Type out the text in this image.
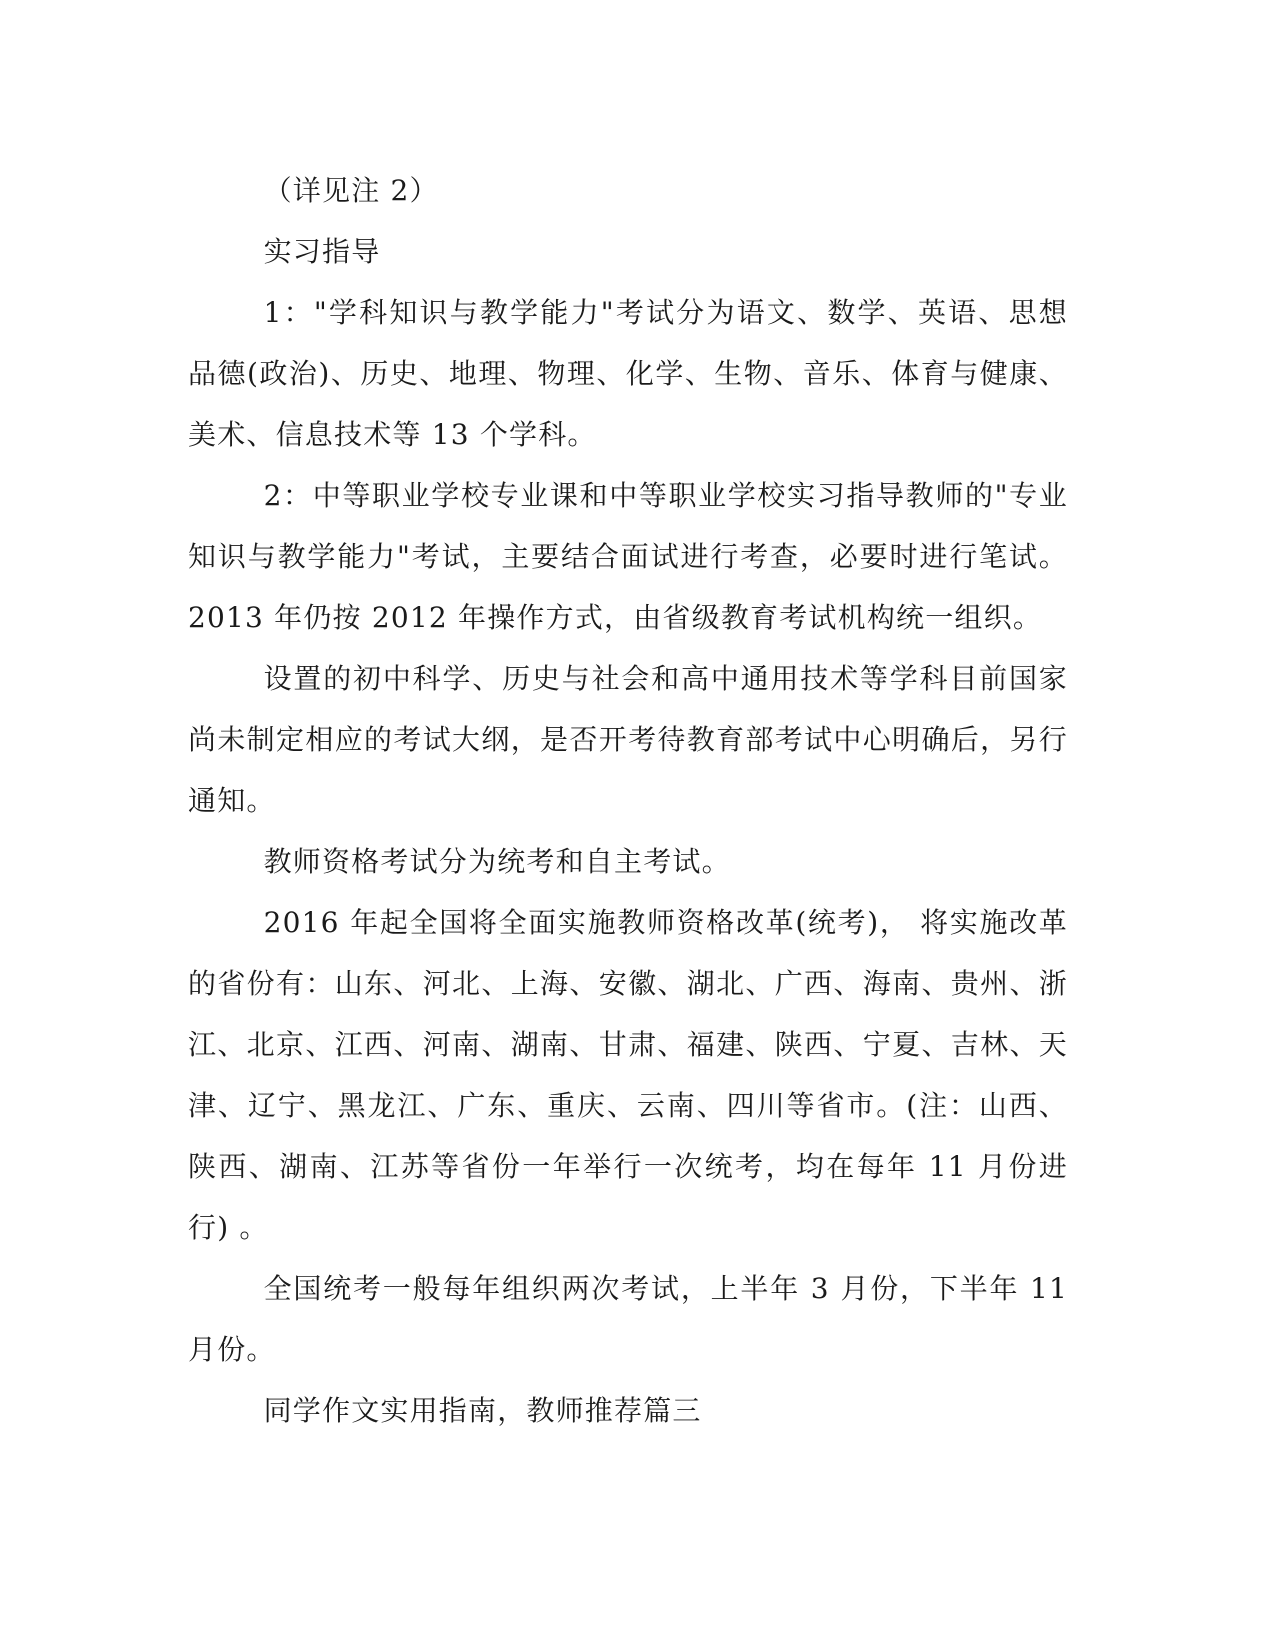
（详见注 2）

实习指导

1："学科知识与教学能力"考试分为语文、数学、英语、思想品德(政治)、历史、地理、物理、化学、生物、音乐、体育与健康、美术、信息技术等 13 个学科。

2：中等职业学校专业课和中等职业学校实习指导教师的"专业知识与教学能力"考试，主要结合面试进行考查，必要时进行笔试。2013 年仍按 2012 年操作方式，由省级教育考试机构统一组织。

设置的初中科学、历史与社会和高中通用技术等学科目前国家尚未制定相应的考试大纲，是否开考待教育部考试中心明确后，另行通知。

教师资格考试分为统考和自主考试。

2016 年起全国将全面实施教师资格改革(统考)， 将实施改革的省份有：山东、河北、上海、安徽、湖北、广西、海南、贵州、浙江、北京、江西、河南、湖南、甘肃、福建、陕西、宁夏、吉林、天津、辽宁、黑龙江、广东、重庆、云南、四川等省市。(注：山西、陕西、湖南、江苏等省份一年举行一次统考，均在每年 11 月份进行) 。

全国统考一般每年组织两次考试，上半年 3 月份，下半年 11 月份。

同学作文实用指南，教师推荐篇三
